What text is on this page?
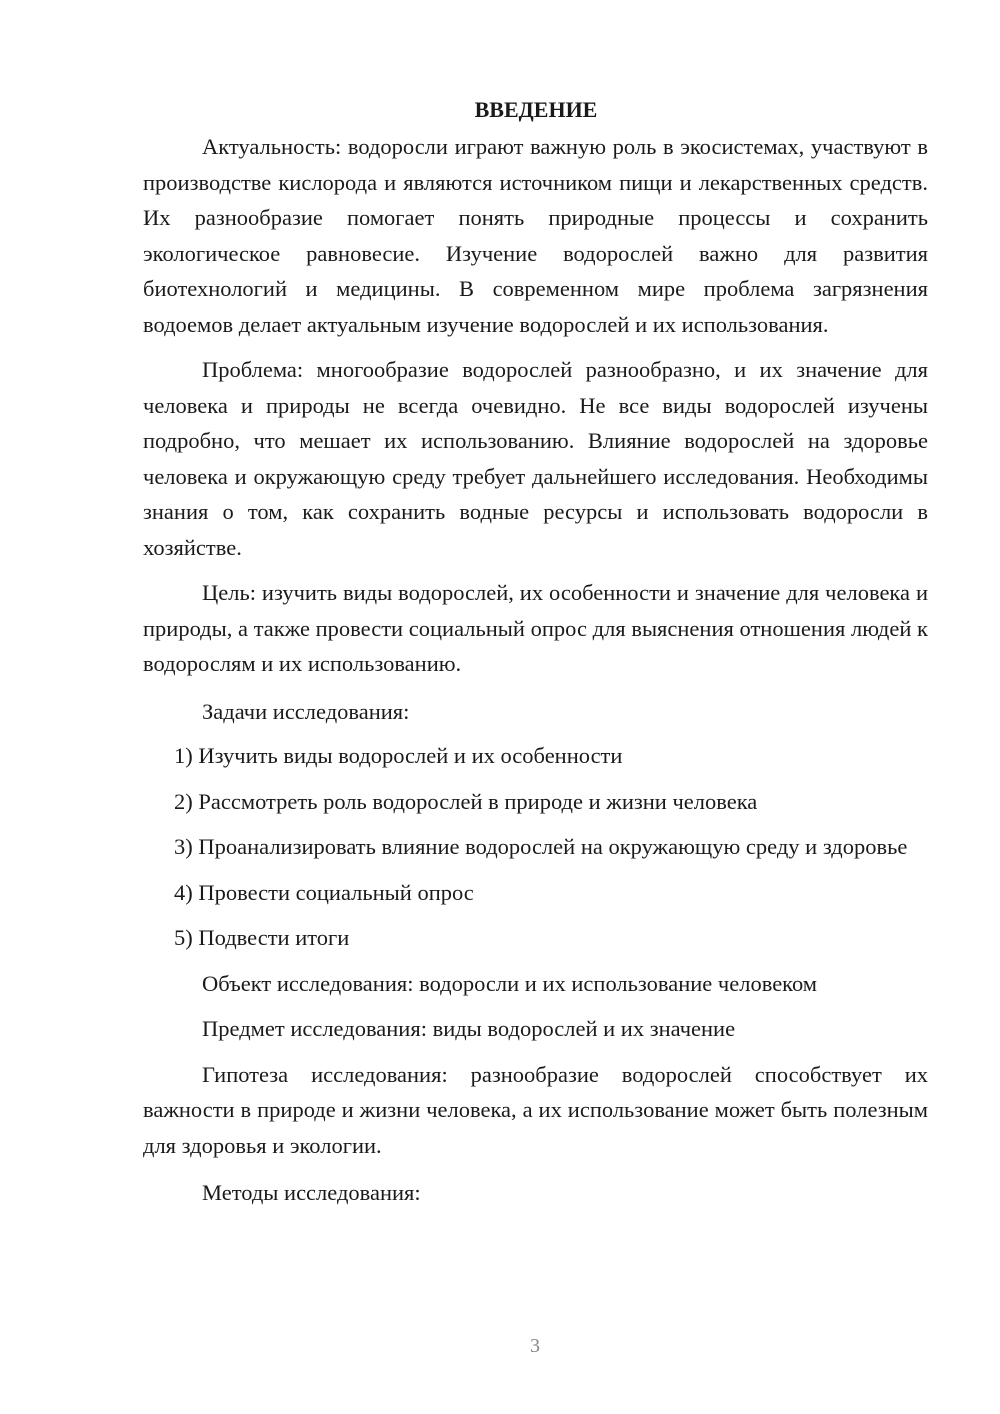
ВВЕДЕНИЕ

Актуальность: водоросли играют важную роль в экосистемах, участвуют в производстве кислорода и являются источником пищи и лекарственных средств. Их разнообразие помогает понять природные процессы и сохранить экологическое равновесие. Изучение водорослей важно для развития биотехнологий и медицины. В современном мире проблема загрязнения водоемов делает актуальным изучение водорослей и их использования.

Проблема: многообразие водорослей разнообразно, и их значение для человека и природы не всегда очевидно. Не все виды водорослей изучены подробно, что мешает их использованию. Влияние водорослей на здоровье человека и окружающую среду требует дальнейшего исследования. Необходимы знания о том, как сохранить водные ресурсы и использовать водоросли в хозяйстве.

Цель: изучить виды водорослей, их особенности и значение для человека и природы, а также провести социальный опрос для выяснения отношения людей к водорослям и их использованию.

Задачи исследования:

1) Изучить виды водорослей и их особенности

2) Рассмотреть роль водорослей в природе и жизни человека

3) Проанализировать влияние водорослей на окружающую среду и здоровье

4) Провести социальный опрос

5) Подвести итоги

Объект исследования: водоросли и их использование человеком

Предмет исследования: виды водорослей и их значение

Гипотеза исследования: разнообразие водорослей способствует их важности в природе и жизни человека, а их использование может быть полезным для здоровья и экологии.

Методы исследования:

3
